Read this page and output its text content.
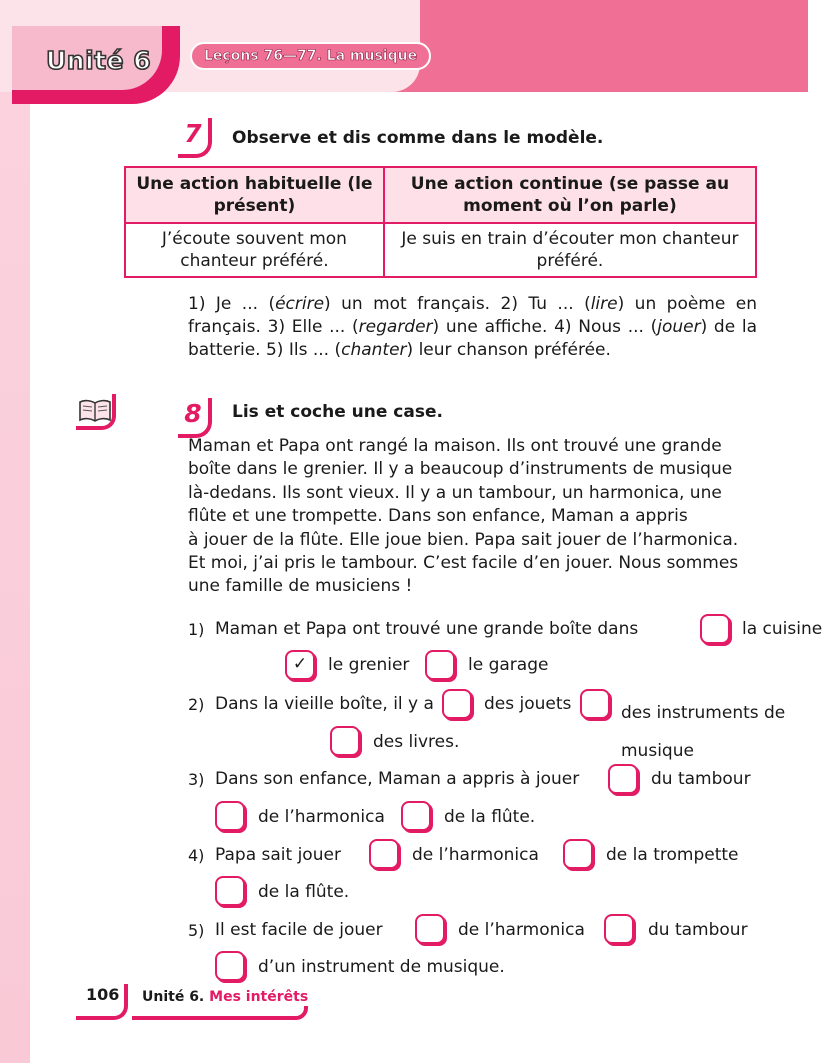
Unité 6	Leçons 76—77. La musique
7	Observe et dis comme dans le modèle.
Une action habituelle (le présent)	Une action continue (se passe au moment où l’on parle)
J’écoute souvent mon chanteur préféré.	Je suis en train d’écouter mon chanteur préféré.
1) Je ... (écrire) un mot français. 2) Tu ... (lire) un poème en français. 3) Elle ... (regarder) une affiche. 4) Nous ... (jouer) de la batterie. 5) Ils ... (chanter) leur chanson préférée.
8	Lis et coche une case.
Maman et Papa ont rangé la maison. Ils ont trouvé une grande
boîte dans le grenier. Il y a beaucoup d’instruments de musique
là-dedans. Ils sont vieux. Il y a un tambour, un harmonica, une
flûte et une trompette. Dans son enfance, Maman a appris
à jouer de la flûte. Elle joue bien. Papa sait jouer de l’harmonica.
Et moi, j’ai pris le tambour. C’est facile d’en jouer. Nous sommes
une famille de musiciens !
1) Maman et Papa ont trouvé une grande boîte dans	la cuisine
✓	le grenier	le garage
2) Dans la vieille boîte, il y a	des jouets	des instruments de musique
des livres.
3) Dans son enfance, Maman a appris à jouer	du tambour
de l’harmonica	de la flûte.
4) Papa sait jouer	de l’harmonica	de la trompette
de la flûte.
5) Il est facile de jouer	de l’harmonica	du tambour
d’un instrument de musique.
106 Unité 6. Mes intérêts
